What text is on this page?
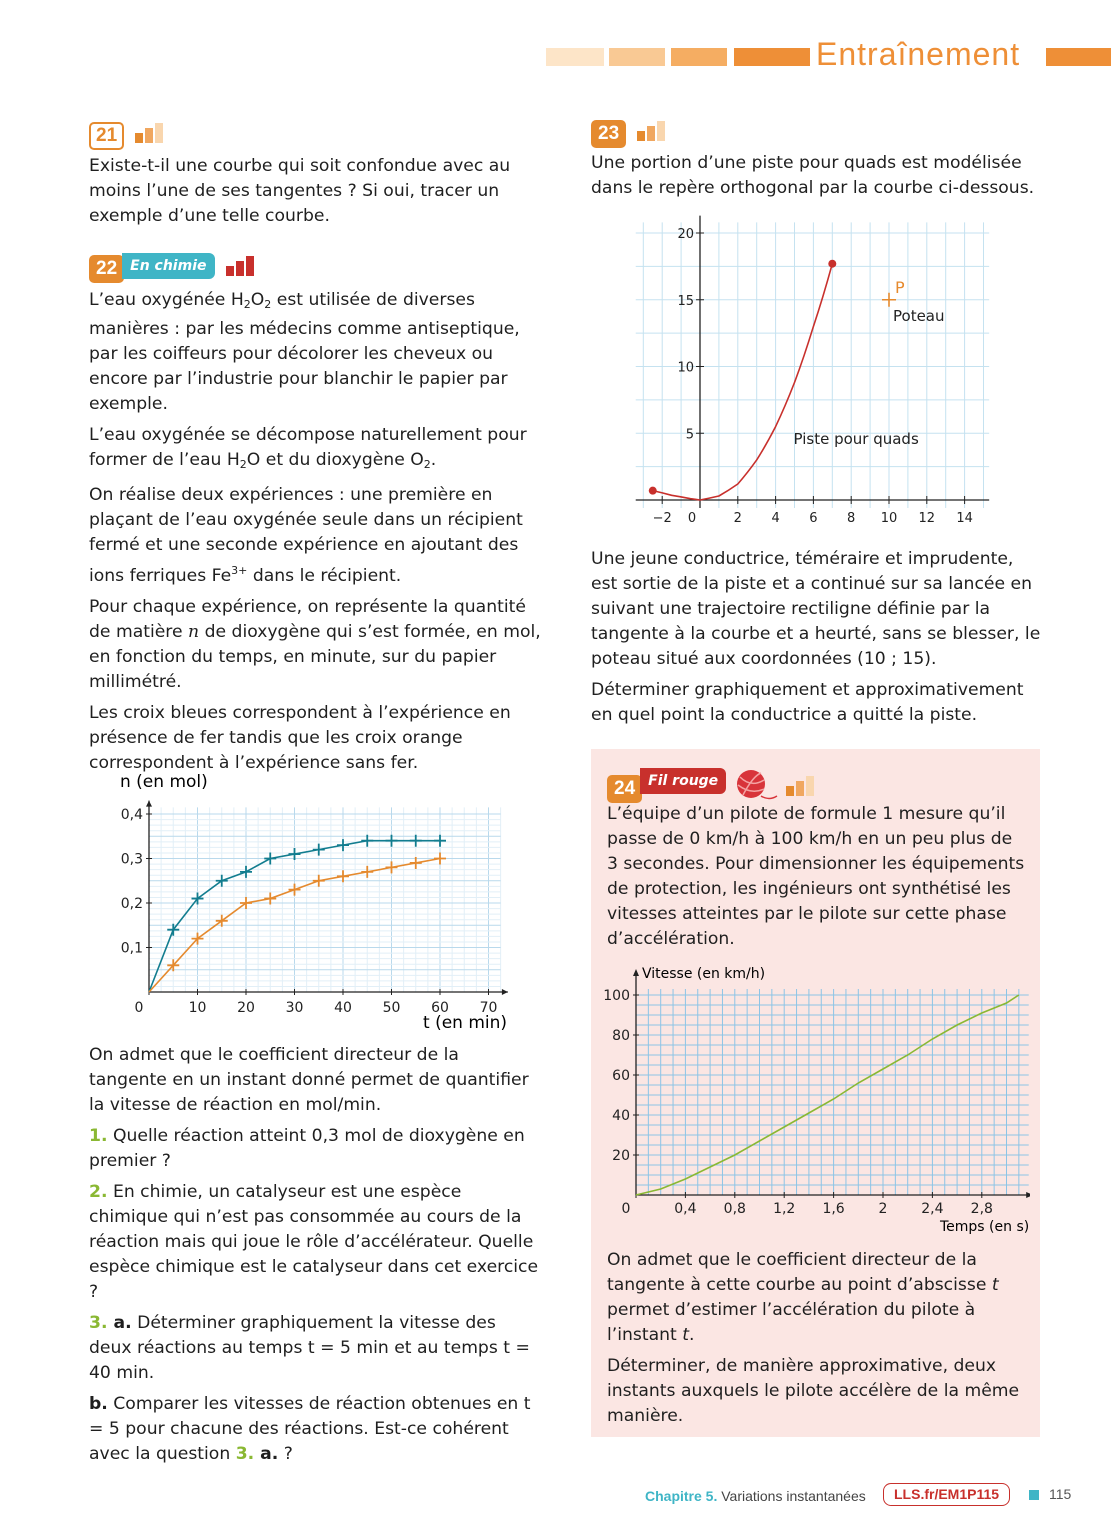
Entraînement
21

Existe-t-il une courbe qui soit confondue avec au moins l’une de ses tangentes ? Si oui, tracer un exemple d’une telle courbe.

22 En chimie

L’eau oxygénée $H_2O_2$ est utilisée de diverses manières : par les médecins comme antiseptique, par les coiffeurs pour décolorer les cheveux ou encore par l’industrie pour blanchir le papier par exemple.

L’eau oxygénée se décompose naturellement pour former de l’eau $H_2O$ et du dioxygène $O_2$.

On réalise deux expériences : une première en plaçant de l’eau oxygénée seule dans un récipient fermé et une seconde expérience en ajoutant des ions ferriques $Fe^{3+}$ dans le récipient.

Pour chaque expérience, on représente la quantité de matière n de dioxygène qui s’est formée, en mol, en fonction du temps, en minute, sur du papier millimétré.

Les croix bleues correspondent à l’expérience en présence de fer tandis que les croix orange correspondent à l’expérience sans fer.

0	10 20 30 40 50 60 70
0,1
0,2
0,3
0,4
n (en mol)
t (en min)

On admet que le coefficient directeur de la tangente en un instant donné permet de quantifier la vitesse de réaction en mol/min.

1. Quelle réaction atteint 0,3 mol de dioxygène en premier ?

2. En chimie, un catalyseur est une espèce chimique qui n’est pas consommée au cours de la réaction mais qui joue le rôle d’accélérateur. Quelle espèce chimique est le catalyseur dans cet exercice ?

3. a. Déterminer graphiquement la vitesse des deux réactions au temps t = 5 min et au temps t = 40 min.

b. Comparer les vitesses de réaction obtenues en t = 5 pour chacune des réactions. Est-ce cohérent avec la question 3. a. ?

23

Une portion d’une piste pour quads est modélisée dans le repère orthogonal par la courbe ci-dessous.

−2 0	2 4 6 8 10 12 14
5
10
15
20
Piste pour quads
P
Poteau

Une jeune conductrice, téméraire et imprudente, est sortie de la piste et a continué sur sa lancée en suivant une trajectoire rectiligne définie par la tangente à la courbe et a heurté, sans se blesser, le poteau situé aux coordonnées (10 ; 15).

Déterminer graphiquement et approximativement en quel point la conductrice a quitté la piste.

24 Fil rouge

L’équipe d’un pilote de formule 1 mesure qu’il passe de 0 km/h à 100 km/h en un peu plus de 3 secondes. Pour dimensionner les équipements de protection, les ingénieurs ont synthétisé les vitesses atteintes par le pilote sur cette phase d’accélération.

0	0,4 0,8 1,2 1,6 2 2,4 2,8
20
40
60
80
100
Vitesse (en km/h)
Temps (en s)

On admet que le coefficient directeur de la tangente à cette courbe au point d’abscisse t permet d’estimer l’accélération du pilote à l’instant t.

Déterminer, de manière approximative, deux instants auxquels le pilote accélère de la même manière.

Chapitre 5. Variations instantanées	LLS.fr/EM1P115	115
